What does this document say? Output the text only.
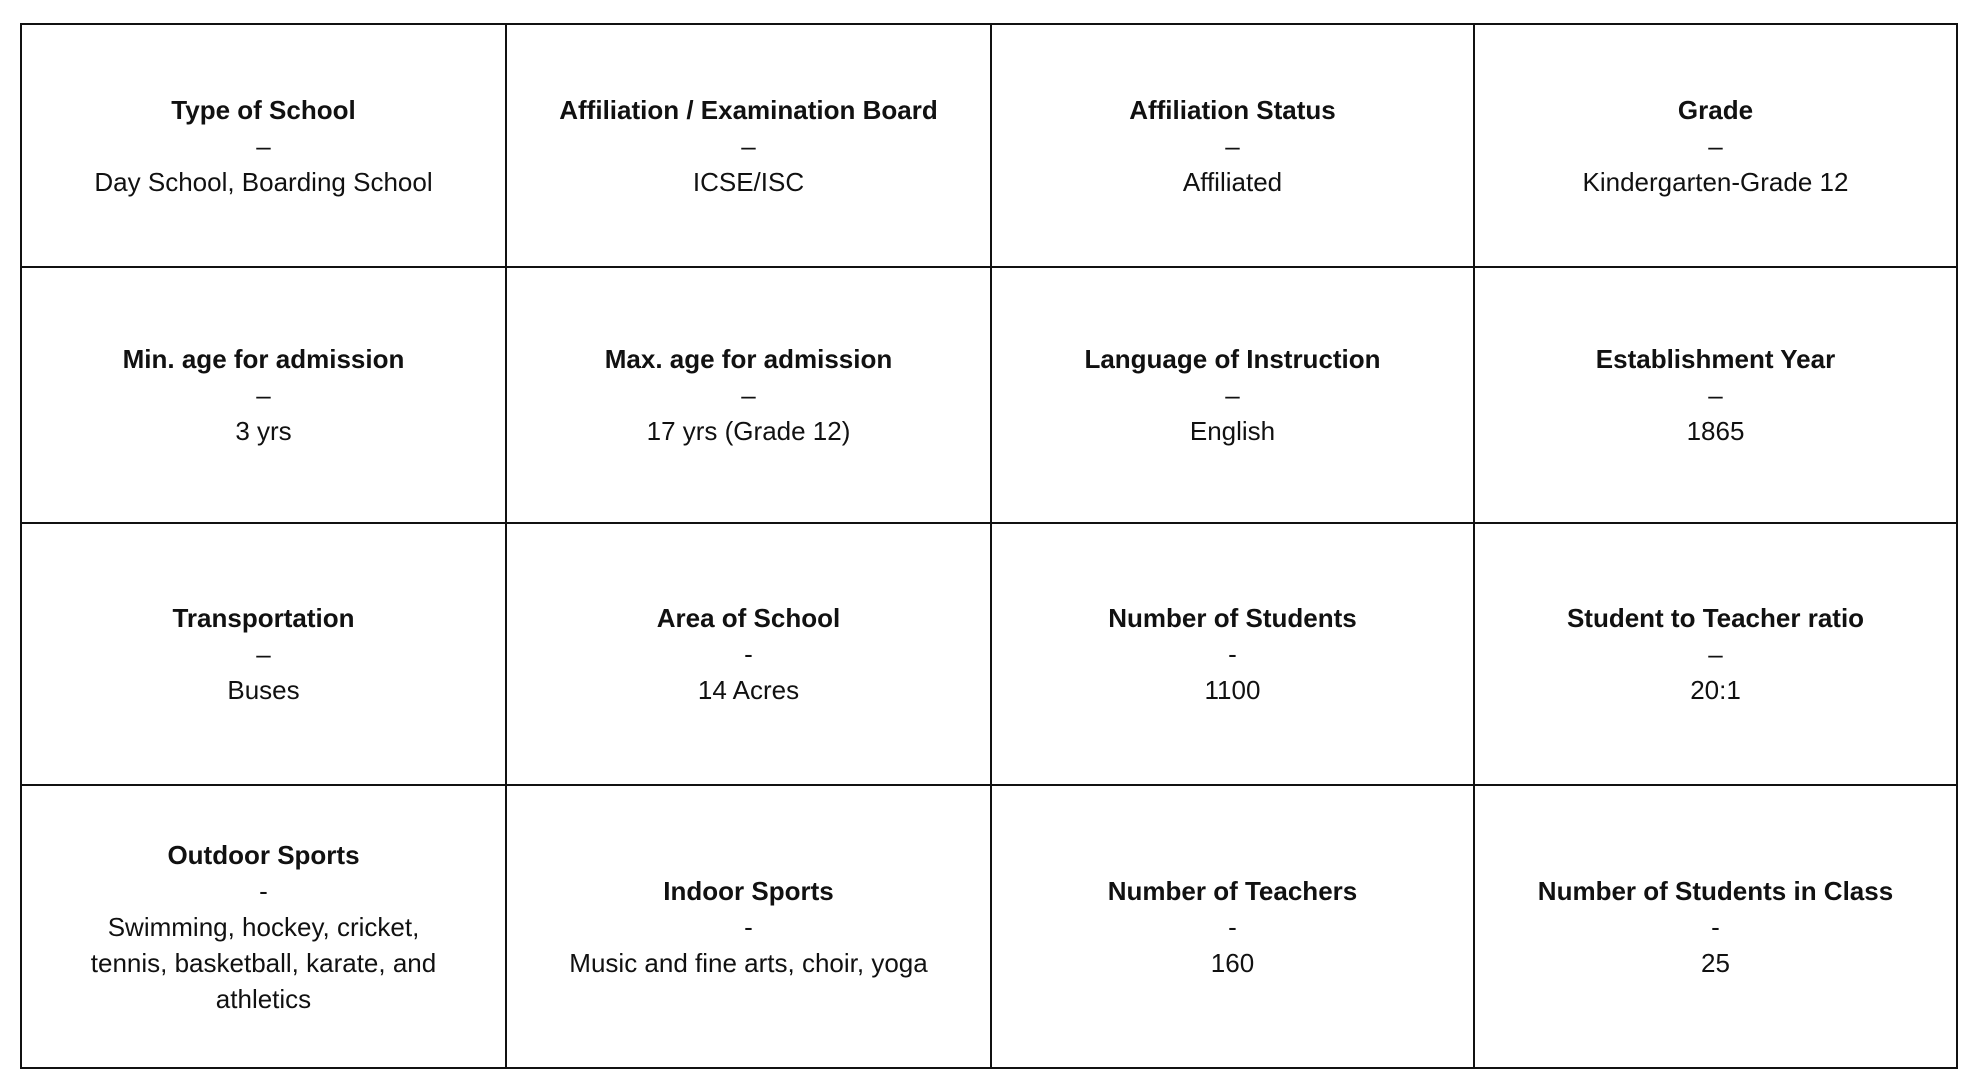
Type of School
–
Day School, Boarding School
Affiliation / Examination Board
–
ICSE/ISC
Affiliation Status
–
Affiliated
Grade
–
Kindergarten-Grade 12
Min. age for admission
–
3 yrs
Max. age for admission
–
17 yrs (Grade 12)
Language of Instruction
–
English
Establishment Year
–
1865
Transportation
–
Buses
Area of School
-
14 Acres
Number of Students
-
1100
Student to Teacher ratio
–
20:1
Outdoor Sports
-
Swimming, hockey, cricket, tennis, basketball, karate, and athletics
Indoor Sports
-
Music and fine arts, choir, yoga
Number of Teachers
-
160
Number of Students in Class
-
25
